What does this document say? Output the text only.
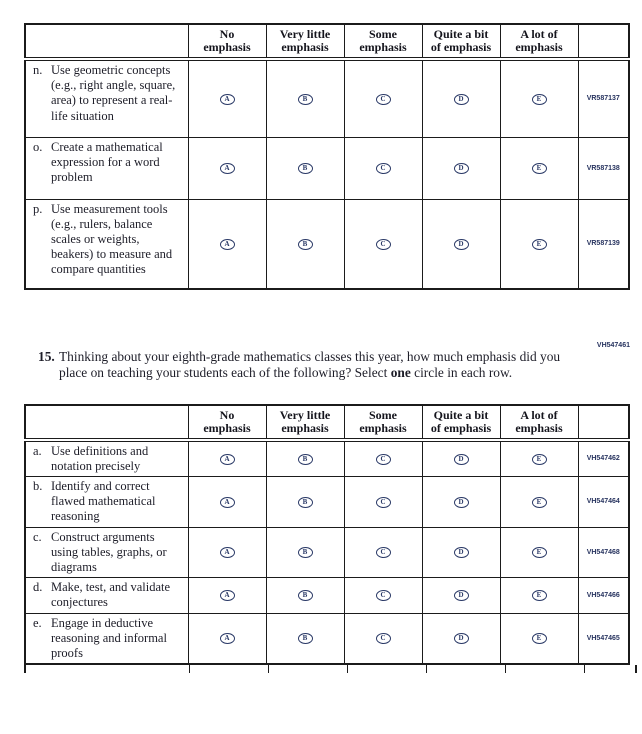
No
emphasis

Very little
emphasis

Some
emphasis

Quite a bit
of emphasis

A lot of
emphasis

n. Use geometric concepts (e.g., right angle, square, area) to represent a real-life situation	A	B	C	D	E	VR587137

o. Create a mathematical expression for a word problem	A	B	C	D	E	VR587138

p. Use measurement tools (e.g., rulers, balance scales or weights, beakers) to measure and compare quantities	A	B	C	D	E	VR587139
VH547461
15. Thinking about your eighth-grade mathematics classes this year, how much emphasis did you place on teaching your students each of the following? Select one circle in each row.

No
emphasis

Very little
emphasis

Some
emphasis

Quite a bit
of emphasis

A lot of
emphasis

a. Use definitions and notation precisely	A	B	C	D	E	VH547462

b. Identify and correct flawed mathematical reasoning	A	B	C	D	E	VH547464

c. Construct arguments using tables, graphs, or diagrams	A	B	C	D	E	VH547468

d. Make, test, and validate conjectures	A	B	C	D	E	VH547466

e. Engage in deductive reasoning and informal proofs	A	B	C	D	E	VH547465
